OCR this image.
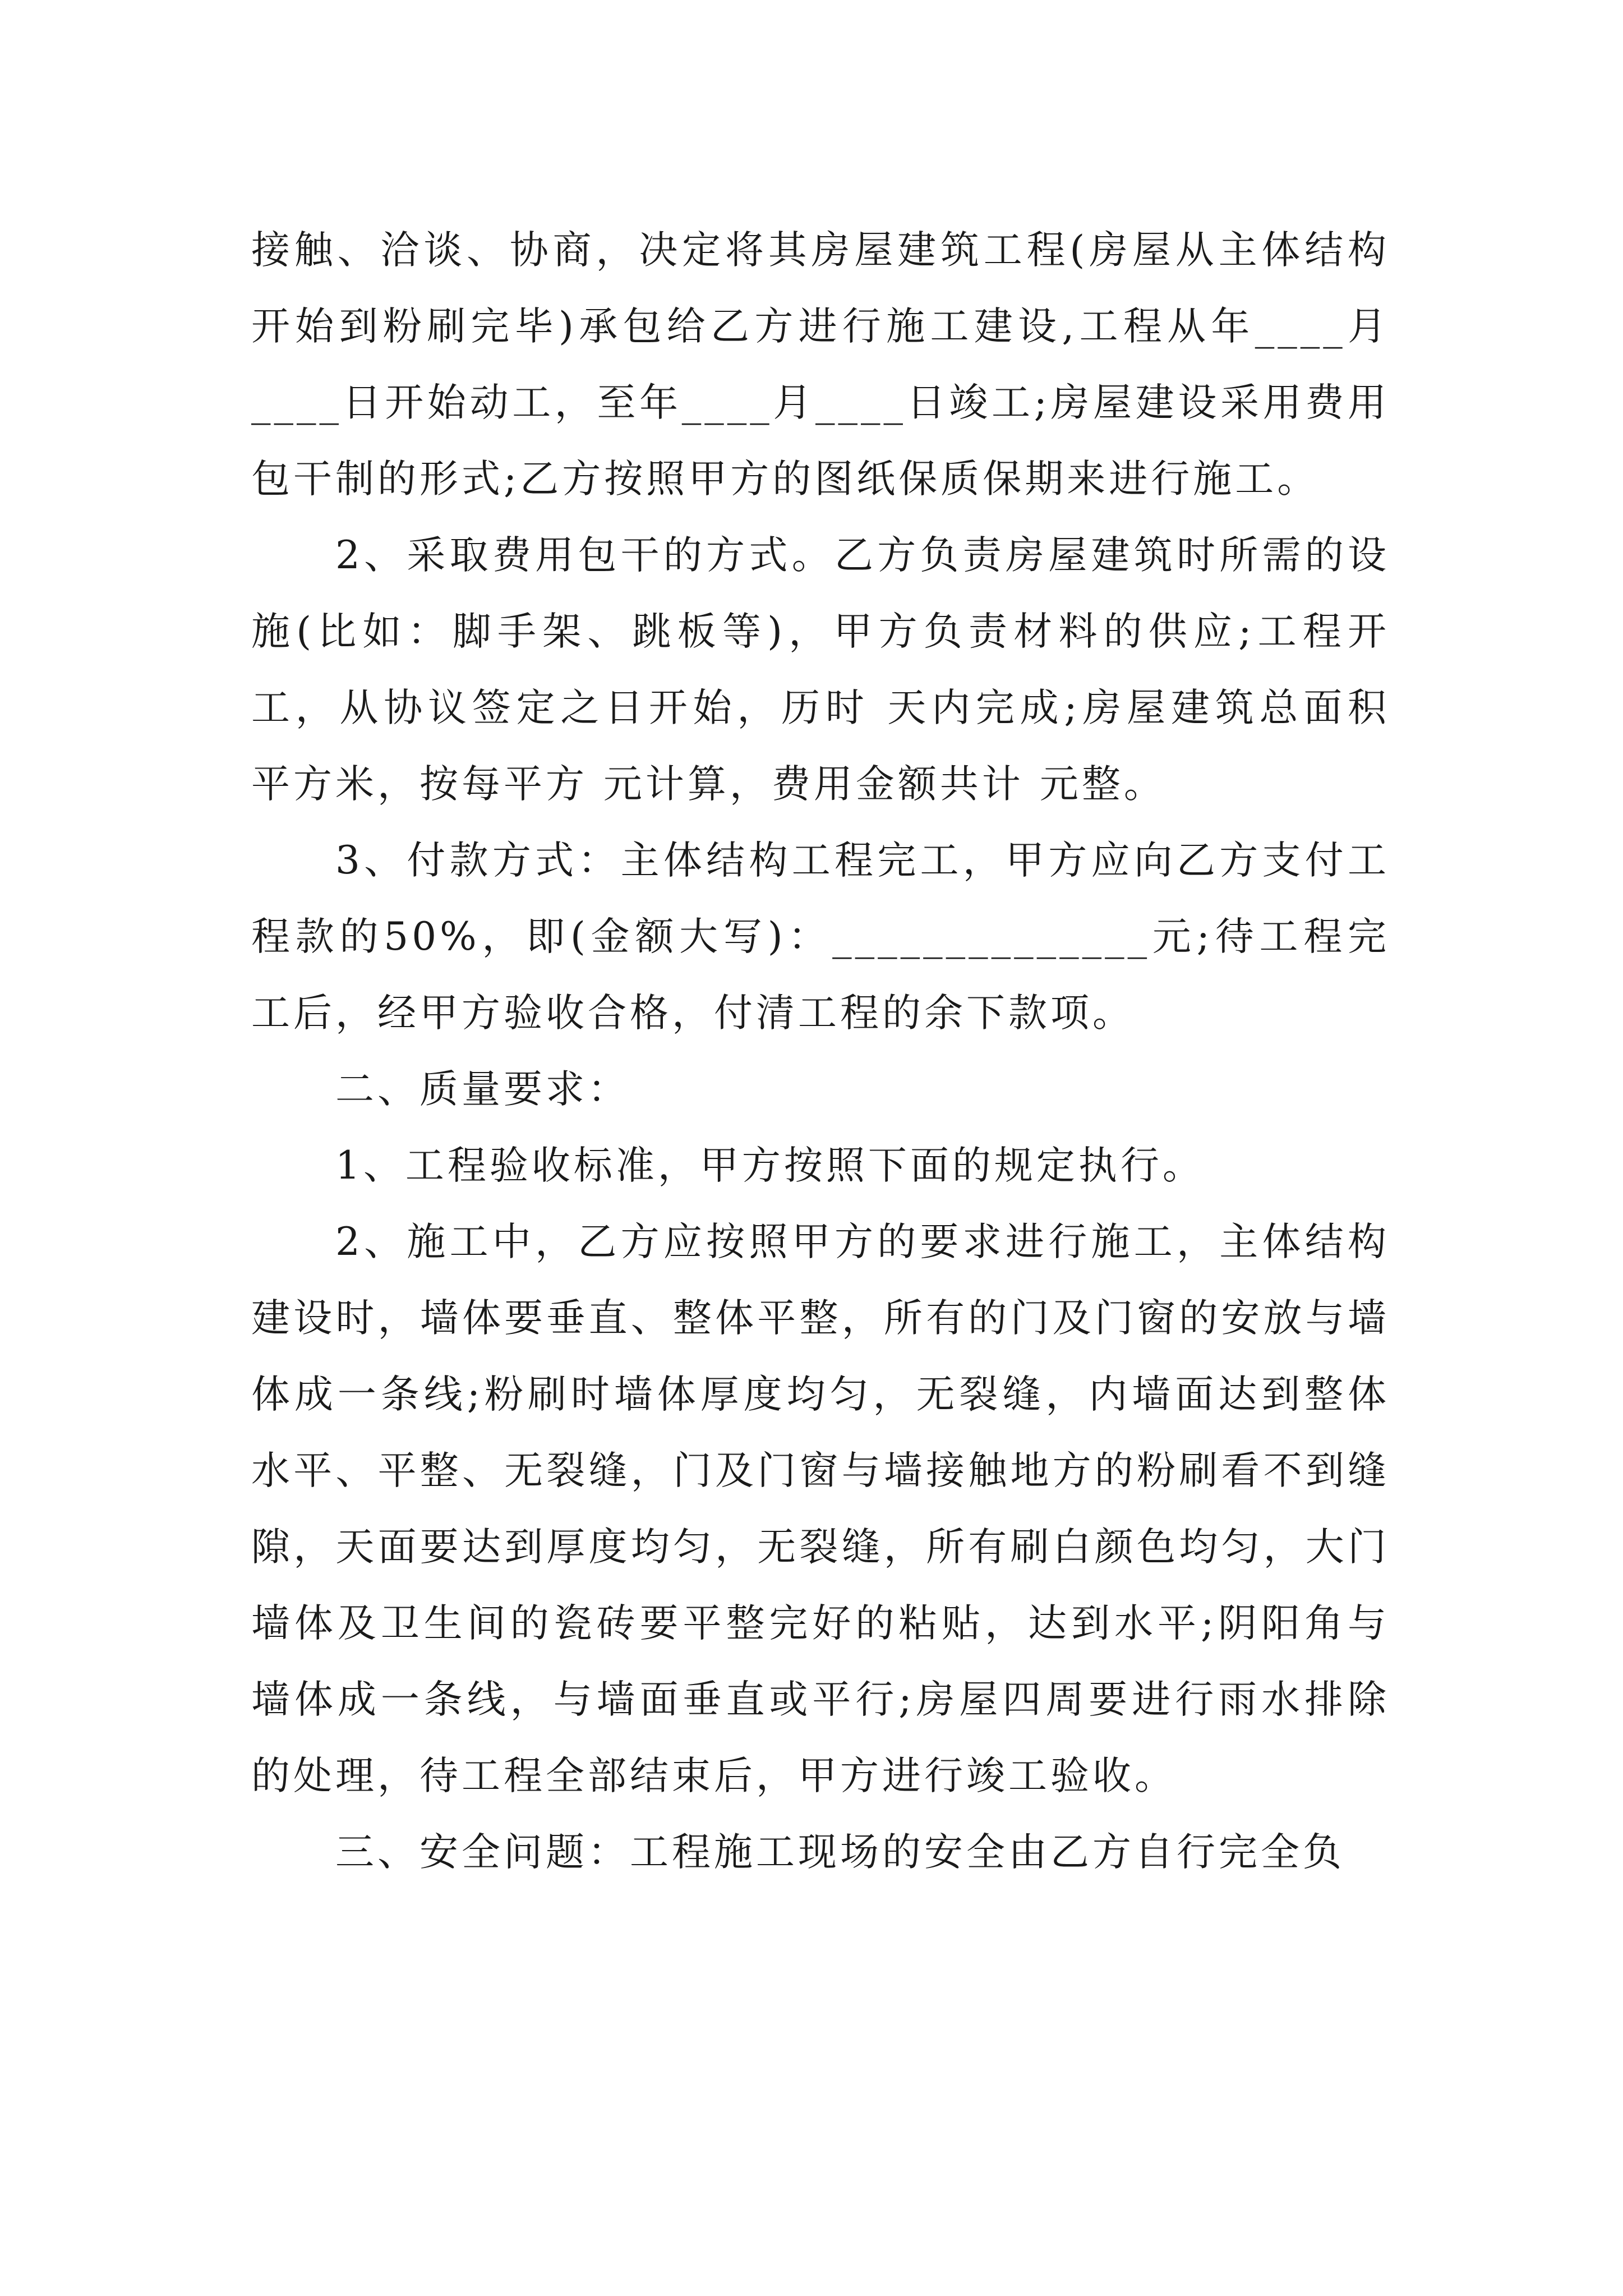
接触、洽谈、协商，决定将其房屋建筑工程(房屋从主体结构开始到粉刷完毕)承包给乙方进行施工建设,工程从年____月____日开始动工，至年____月____日竣工;房屋建设采用费用包干制的形式;乙方按照甲方的图纸保质保期来进行施工。

2、采取费用包干的方式。乙方负责房屋建筑时所需的设施(比如：脚手架、跳板等)，甲方负责材料的供应;工程开工，从协议签定之日开始，历时 天内完成;房屋建筑总面积 平方米，按每平方 元计算，费用金额共计 元整。

3、付款方式：主体结构工程完工，甲方应向乙方支付工程款的50%，即(金额大写)：______________元;待工程完工后，经甲方验收合格，付清工程的余下款项。

二、质量要求：

1、工程验收标准，甲方按照下面的规定执行。

2、施工中，乙方应按照甲方的要求进行施工，主体结构建设时，墙体要垂直、整体平整，所有的门及门窗的安放与墙体成一条线;粉刷时墙体厚度均匀，无裂缝，内墙面达到整体水平、平整、无裂缝，门及门窗与墙接触地方的粉刷看不到缝隙，天面要达到厚度均匀，无裂缝，所有刷白颜色均匀，大门墙体及卫生间的瓷砖要平整完好的粘贴，达到水平;阴阳角与墙体成一条线，与墙面垂直或平行;房屋四周要进行雨水排除的处理，待工程全部结束后，甲方进行竣工验收。

三、安全问题：工程施工现场的安全由乙方自行完全负
